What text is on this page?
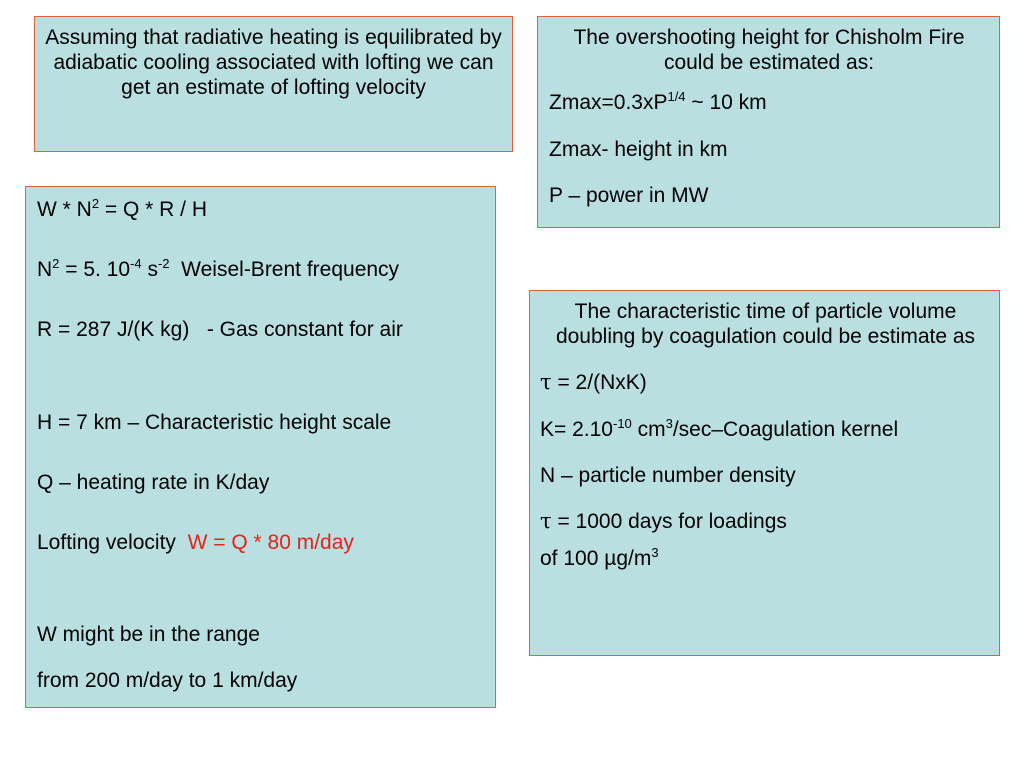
Assuming that radiative heating is equilibrated by adiabatic cooling associated with lofting we can get an estimate of lofting velocity

The overshooting height for Chisholm Fire could be estimated as:

$Zmax=0.3xP^{1/4}$ ~ 10 km

Zmax- height in km

P – power in MW

$W * N^2 = Q * R / H$

$N^2 = 5$. $10^{-4}$ $s^{-2}$  Weisel-Brent frequency

R = 287 J/(K kg)   - Gas constant for air

H = 7 km – Characteristic height scale

Q – heating rate in K/day

Lofting velocity  W = Q * 80 m/day

W might be in the range

from 200 m/day to 1 km/day

The characteristic time of particle volume doubling by coagulation could be estimate as

τ = 2/(NxK)

$K= 2.10^{-10}$ $cm^3/\sec$–Coagulation kernel

N – particle number density

τ = 1000 days for loadings

of 100 $\mu g/m^3$
